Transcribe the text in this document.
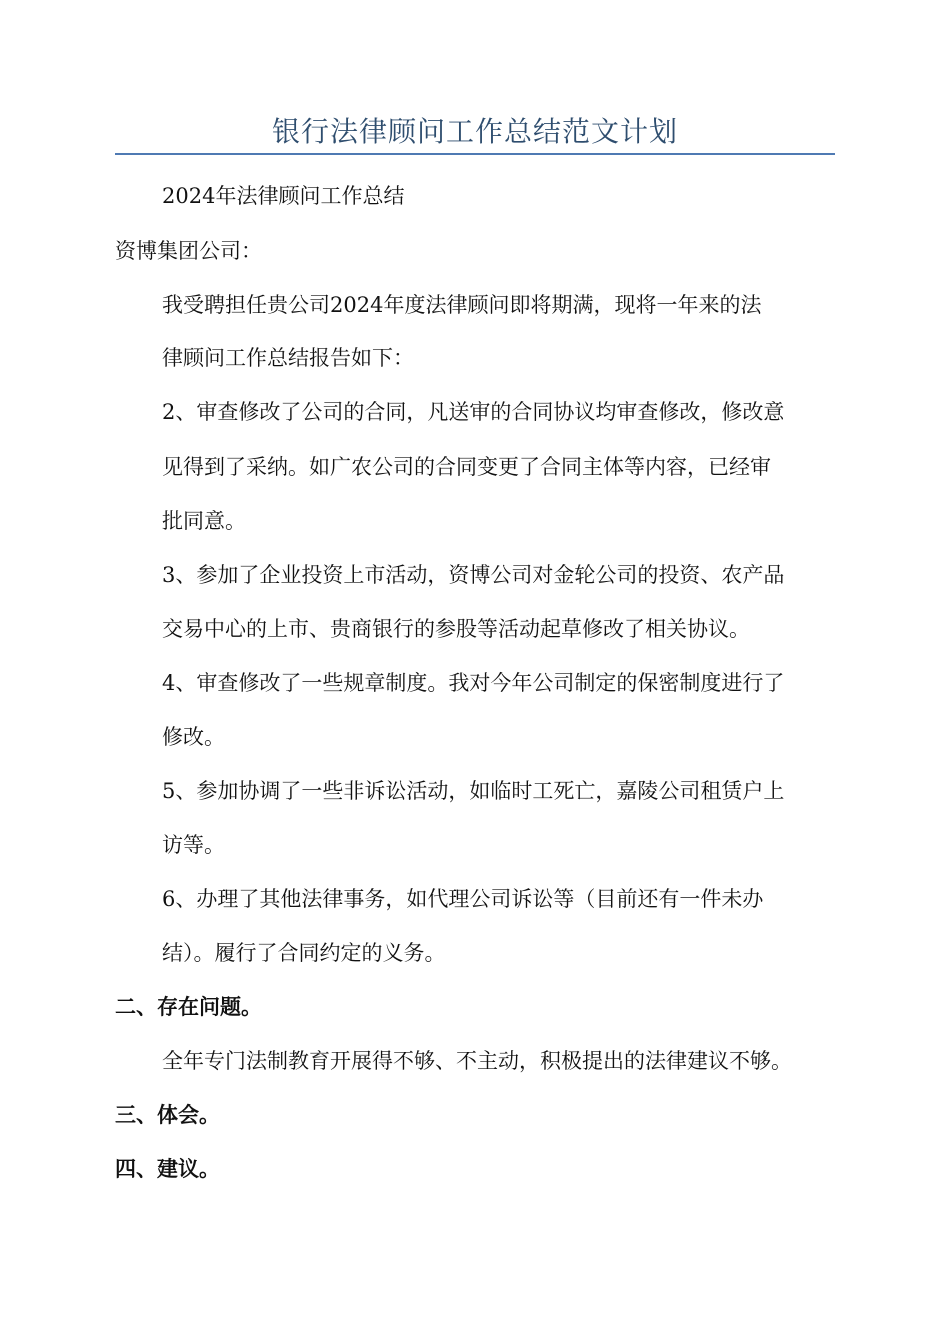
银行法律顾问工作总结范文计划
2024年法律顾问工作总结
资博集团公司：
我受聘担任贵公司2024年度法律顾问即将期满，现将一年来的法
律顾问工作总结报告如下：
2、审查修改了公司的合同，凡送审的合同协议均审查修改，修改意
见得到了采纳。如广农公司的合同变更了合同主体等内容，已经审
批同意。
3、参加了企业投资上市活动，资博公司对金轮公司的投资、农产品
交易中心的上市、贵商银行的参股等活动起草修改了相关协议。
4、审查修改了一些规章制度。我对今年公司制定的保密制度进行了
修改。
5、参加协调了一些非诉讼活动，如临时工死亡，嘉陵公司租赁户上
访等。
6、办理了其他法律事务，如代理公司诉讼等（目前还有一件未办
结）。履行了合同约定的义务。
二、存在问题。
全年专门法制教育开展得不够、不主动，积极提出的法律建议不够。
三、体会。
四、建议。
